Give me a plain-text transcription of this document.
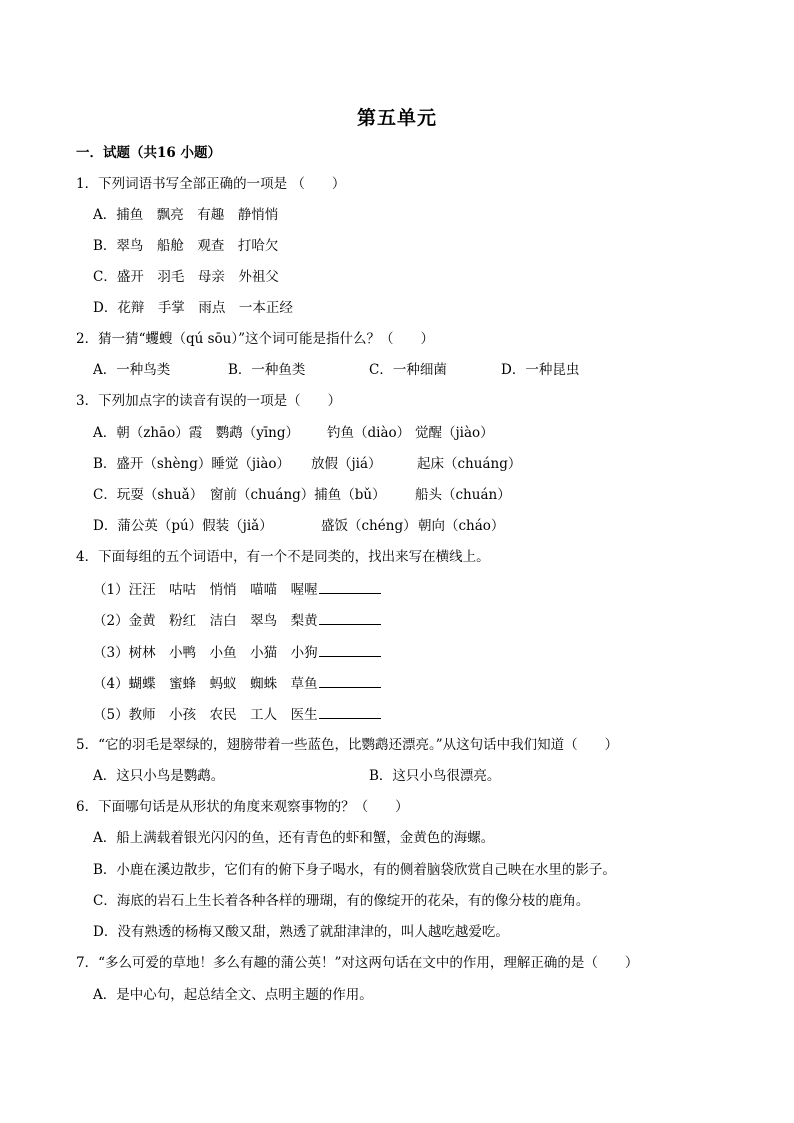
第五单元
一．试题（共16 小题）
1．下列词语书写全部正确的一项是 （　　）
A．捕鱼　飘亮　有趣　静悄悄
B．翠鸟　船舱　观查　打哈欠
C．盛开　羽毛　母亲　外祖父
D．花辩　手掌　雨点　一本正经
2．猜一猜“蠼螋（qú sōu）”这个词可能是指什么？（　　）
A．一种鸟类	B．一种鱼类	C．一种细菌	D．一种昆虫
3．下列加点字的读音有误的一项是（　　）
A．朝（zhāo）霞　鹦鹉（yīng） 钓鱼（diào） 觉醒（jiào）
B．盛开（shèng）睡觉（jiào） 放假（jiá）	起床（chuáng）
C．玩耍（shuǎ）　窗前（chuáng）捕鱼（bǔ） 船头（chuán）
D．蒲公英（pú）假装（jiǎ）	盛饭（chéng） 朝向（cháo）
4．下面每组的五个词语中，有一个不是同类的，找出来写在横线上。
（1）汪汪　咕咕　悄悄　喵喵　喔喔
（2）金黄　粉红　洁白　翠鸟　梨黄
（3）树林　小鸭　小鱼　小猫　小狗
（4）蝴蝶　蜜蜂　蚂蚁　蜘蛛　草鱼
（5）教师　小孩　农民　工人　医生
5．“它的羽毛是翠绿的，翅膀带着一些蓝色，比鹦鹉还漂亮。”从这句话中我们知道（　　）
A．这只小鸟是鹦鹉。	B．这只小鸟很漂亮。
6．下面哪句话是从形状的角度来观察事物的？（　　）
A．船上满载着银光闪闪的鱼，还有青色的虾和蟹，金黄色的海螺。
B．小鹿在溪边散步，它们有的俯下身子喝水，有的侧着脑袋欣赏自己映在水里的影子。
C．海底的岩石上生长着各种各样的珊瑚，有的像绽开的花朵，有的像分枝的鹿角。
D．没有熟透的杨梅又酸又甜，熟透了就甜津津的，叫人越吃越爱吃。
7．“多么可爱的草地！多么有趣的蒲公英！”对这两句话在文中的作用，理解正确的是（　　）
A．是中心句，起总结全文、点明主题的作用。
